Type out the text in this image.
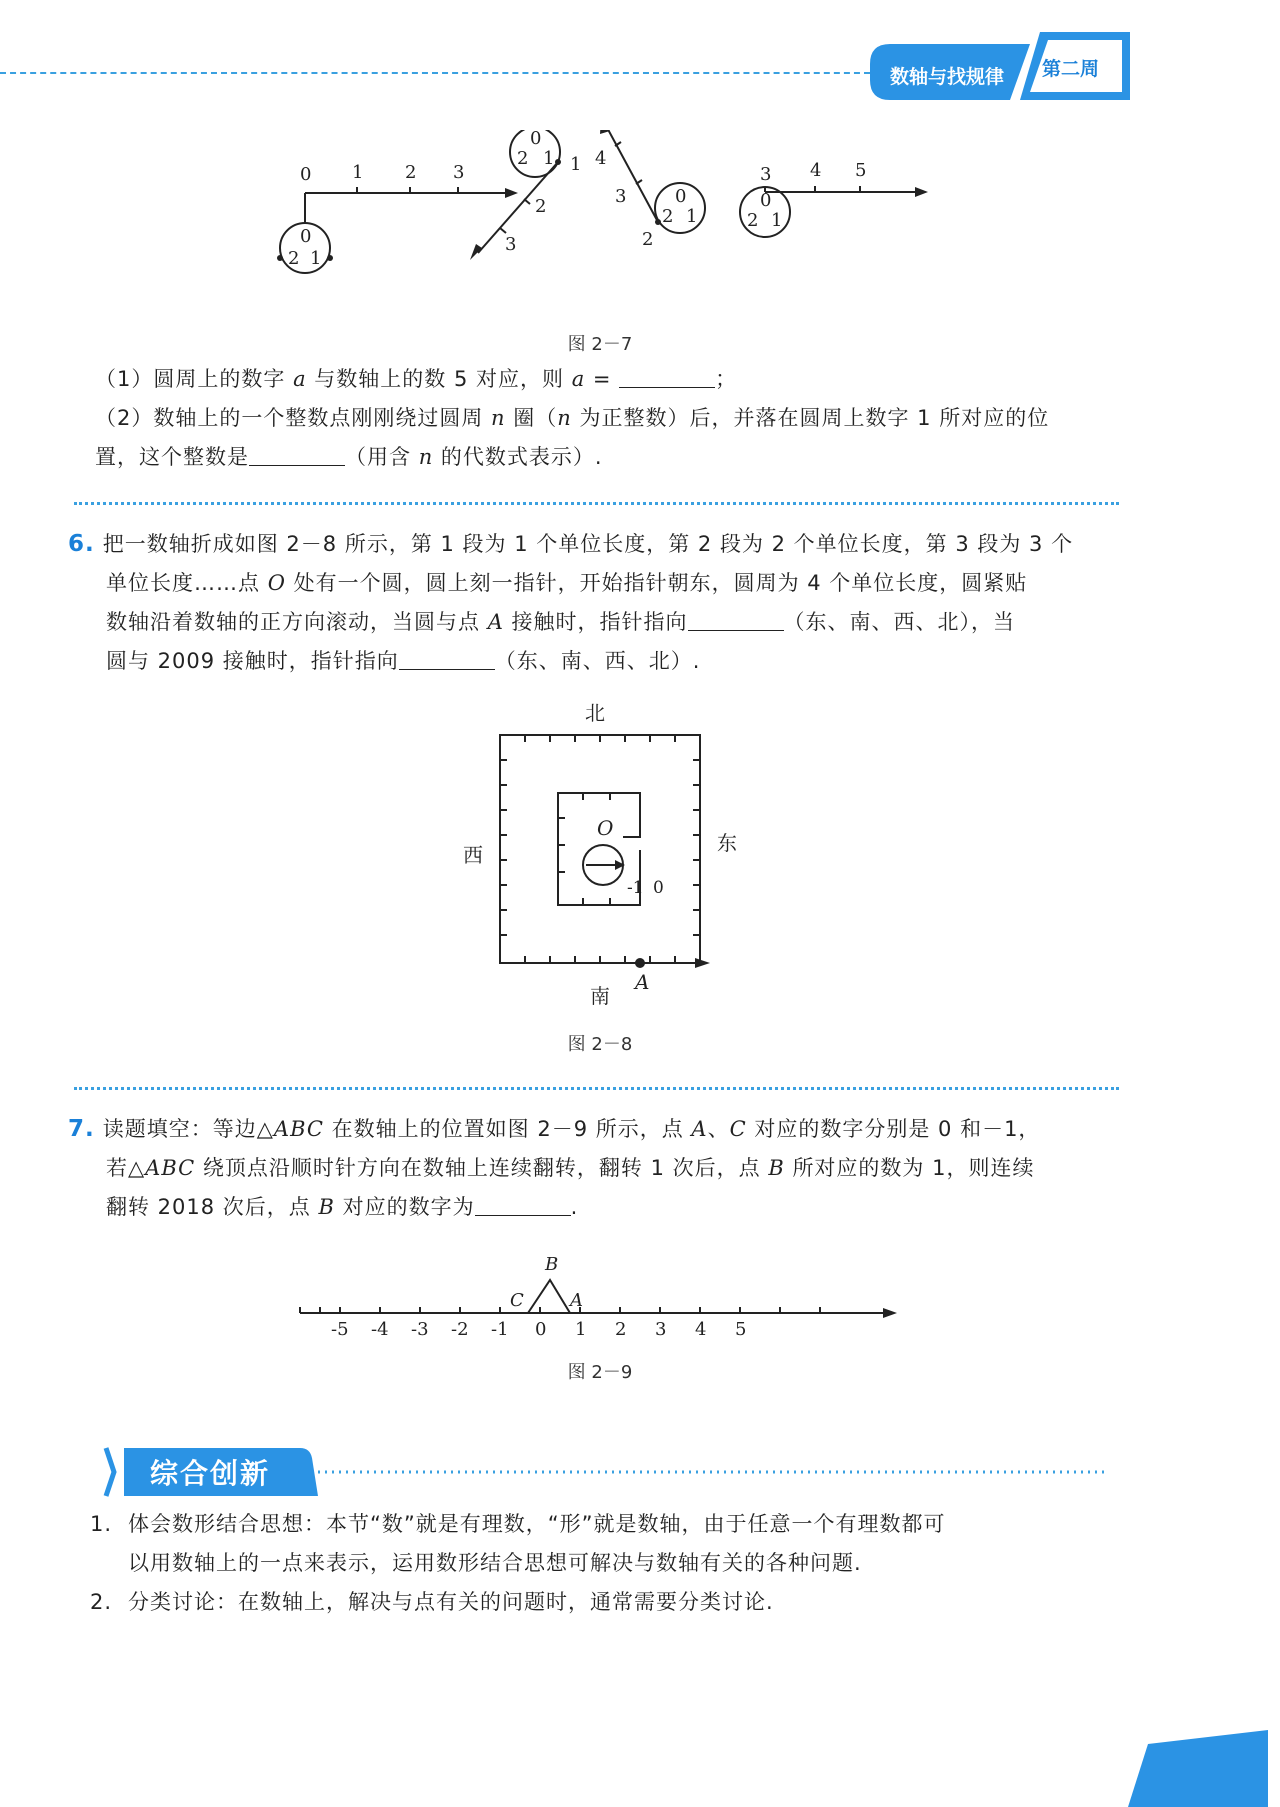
数轴与找规律 第二周
0
2 1
0 1 2 3
0
2 1 1
2
3
0
2 1
4
3
2
0
2 1
3 4 5
图 2－7
（1）圆周上的数字 a 与数轴上的数 5 对应，则 a =	；
（2）数轴上的一个整数点刚刚绕过圆周 n 圈（n 为正整数）后，并落在圆周上数字 1 所对应的位
置，这个整数是	（用含 n 的代数式表示）.
6. 把一数轴折成如图 2－8 所示，第 1 段为 1 个单位长度，第 2 段为 2 个单位长度，第 3 段为 3 个
单位长度……点 O 处有一个圆，圆上刻一指针，开始指针朝东，圆周为 4 个单位长度，圆紧贴
数轴沿着数轴的正方向滚动，当圆与点 A 接触时，指针指向	（东、南、西、北），当
圆与 2009 接触时，指针指向	（东、南、西、北）.
北
南
西
东
O
-1 0
A
图 2－8
7. 读题填空：等边△ABC 在数轴上的位置如图 2－9 所示，点 A、C 对应的数字分别是 0 和－1，
若△ABC 绕顶点沿顺时针方向在数轴上连续翻转，翻转 1 次后，点 B 所对应的数为 1，则连续
翻转 2018 次后，点 B 对应的数字为	.
-5 -4 -3 -2 -1 0 1 2 3 4 5
B
C	A
图 2－9
综合创新
1. 体会数形结合思想：本节“数”就是有理数，“形”就是数轴，由于任意一个有理数都可
以用数轴上的一点来表示，运用数形结合思想可解决与数轴有关的各种问题.
2. 分类讨论：在数轴上，解决与点有关的问题时，通常需要分类讨论.
